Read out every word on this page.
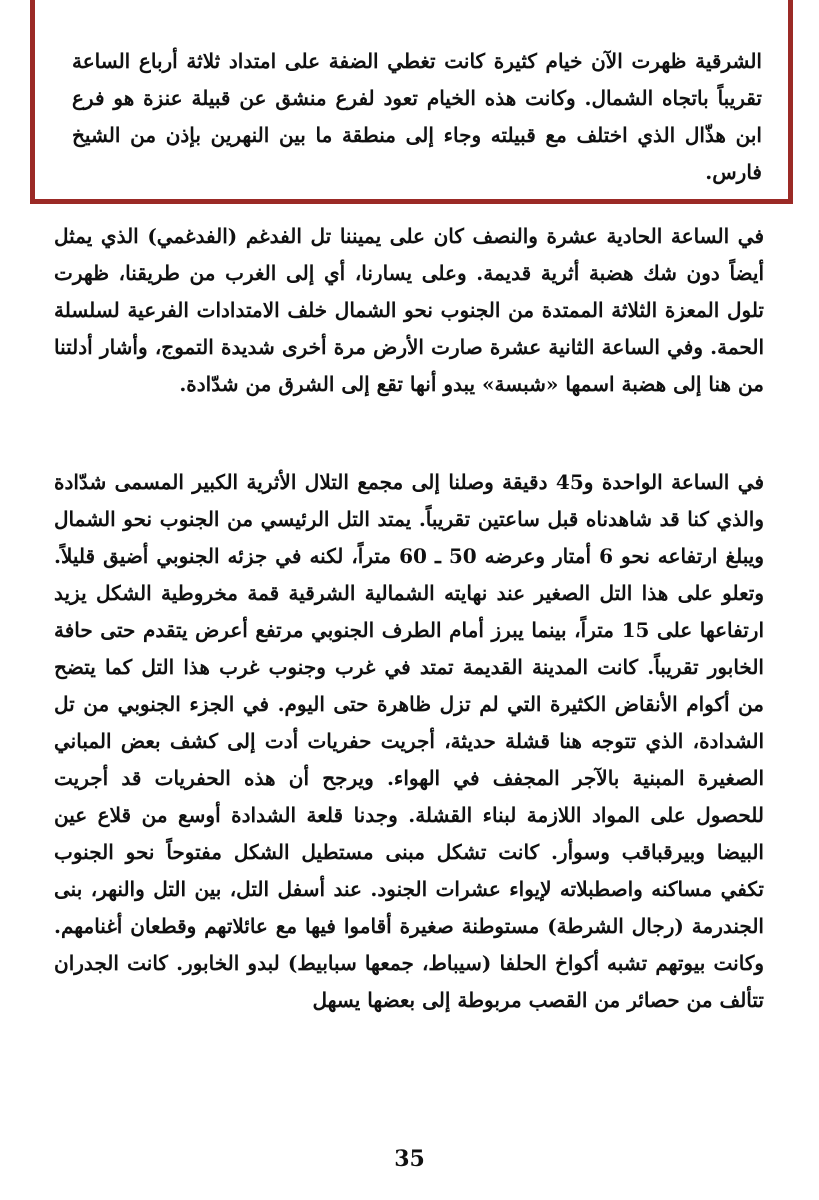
الشرقية ظهرت الآن خيام كثيرة كانت تغطي الضفة على امتداد ثلاثة أرباع الساعة تقريباً باتجاه الشمال. وكانت هذه الخيام تعود لفرع منشق عن قبيلة عنزة هو فرع ابن هذّال الذي اختلف مع قبيلته وجاء إلى منطقة ما بين النهرين بإذن من الشيخ فارس.

في الساعة الحادية عشرة والنصف كان على يميننا تل الفدغم (الفدغمي) الذي يمثل أيضاً دون شك هضبة أثرية قديمة. وعلى يسارنا، أي إلى الغرب من طريقنا، ظهرت تلول المعزة الثلاثة الممتدة من الجنوب نحو الشمال خلف الامتدادات الفرعية لسلسلة الحمة. وفي الساعة الثانية عشرة صارت الأرض مرة أخرى شديدة التموج، وأشار أدلتنا من هنا إلى هضبة اسمها «شبسة» يبدو أنها تقع إلى الشرق من شدّادة.

في الساعة الواحدة و45 دقيقة وصلنا إلى مجمع التلال الأثرية الكبير المسمى شدّادة والذي كنا قد شاهدناه قبل ساعتين تقريباً. يمتد التل الرئيسي من الجنوب نحو الشمال ويبلغ ارتفاعه نحو 6 أمتار وعرضه 50 ـ 60 متراً، لكنه في جزئه الجنوبي أضيق قليلاً. وتعلو على هذا التل الصغير عند نهايته الشمالية الشرقية قمة مخروطية الشكل يزيد ارتفاعها على 15 متراً، بينما يبرز أمام الطرف الجنوبي مرتفع أعرض يتقدم حتى حافة الخابور تقريباً. كانت المدينة القديمة تمتد في غرب وجنوب غرب هذا التل كما يتضح من أكوام الأنقاض الكثيرة التي لم تزل ظاهرة حتى اليوم. في الجزء الجنوبي من تل الشدادة، الذي تتوجه هنا قشلة حديثة، أجريت حفريات أدت إلى كشف بعض المباني الصغيرة المبنية بالآجر المجفف في الهواء. ويرجح أن هذه الحفريات قد أجريت للحصول على المواد اللازمة لبناء القشلة. وجدنا قلعة الشدادة أوسع من قلاع عين البيضا وبيرقباقب وسوأر. كانت تشكل مبنى مستطيل الشكل مفتوحاً نحو الجنوب تكفي مساكنه واصطبلاته لإيواء عشرات الجنود. عند أسفل التل، بين التل والنهر، بنى الجندرمة (رجال الشرطة) مستوطنة صغيرة أقاموا فيها مع عائلاتهم وقطعان أغنامهم. وكانت بيوتهم تشبه أكواخ الحلفا (سيباط، جمعها سبابيط) لبدو الخابور. كانت الجدران تتألف من حصائر من القصب مربوطة إلى بعضها يسهل

35
